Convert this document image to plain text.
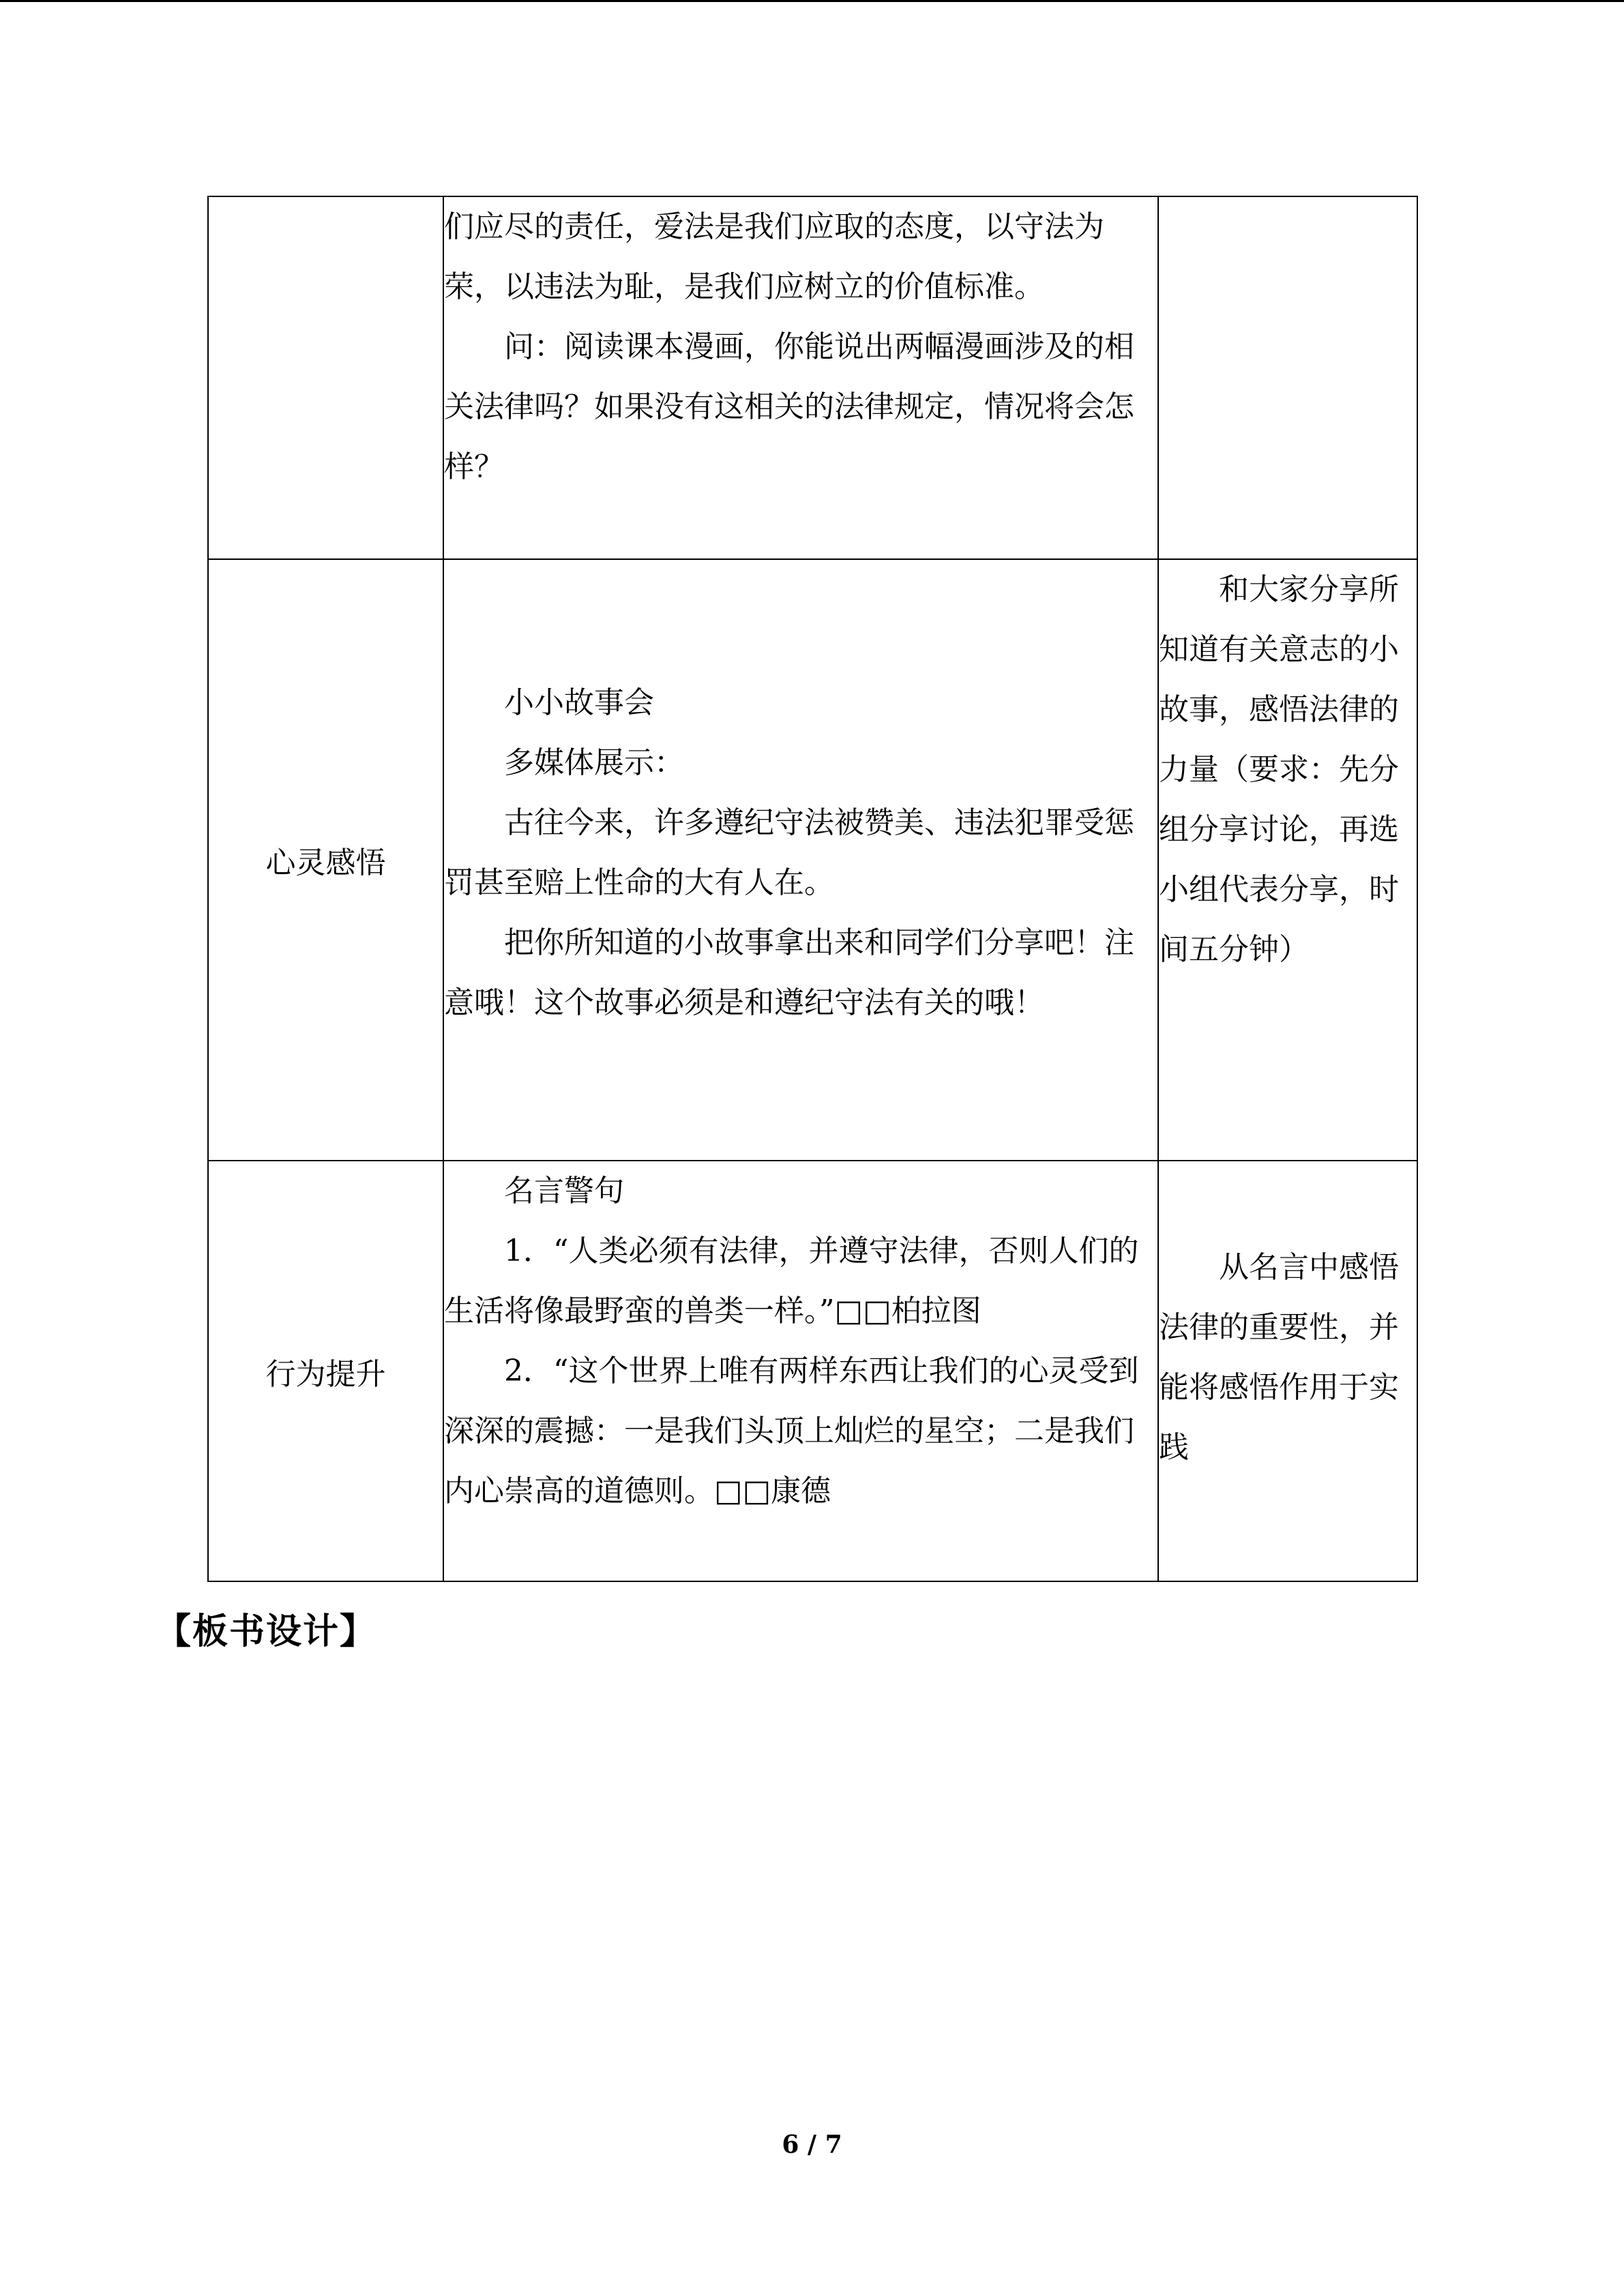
	们应尽的责任，爱法是我们应取的态度，以守法为荣，以违法为耻，是我们应树立的价值标准。

问：阅读课本漫画，你能说出两幅漫画涉及的相关法律吗？如果没有这相关的法律规定，情况将会怎样？	

心灵感悟	小小故事会

多媒体展示：

古往今来，许多遵纪守法被赞美、违法犯罪受惩罚甚至赔上性命的大有人在。

把你所知道的小故事拿出来和同学们分享吧！注意哦！这个故事必须是和遵纪守法有关的哦！	和大家分享所知道有关意志的小故事，感悟法律的力量（要求：先分组分享讨论，再选小组代表分享，时间五分钟）
行为提升	名言警句

1．“人类必须有法律，并遵守法律，否则人们的生活将像最野蛮的兽类一样。”□□柏拉图

2．“这个世界上唯有两样东西让我们的心灵受到深深的震撼：一是我们头顶上灿烂的星空；二是我们内心崇高的道德则。□□康德	从名言中感悟法律的重要性，并能将感悟作用于实践
【板书设计】
6 / 7
